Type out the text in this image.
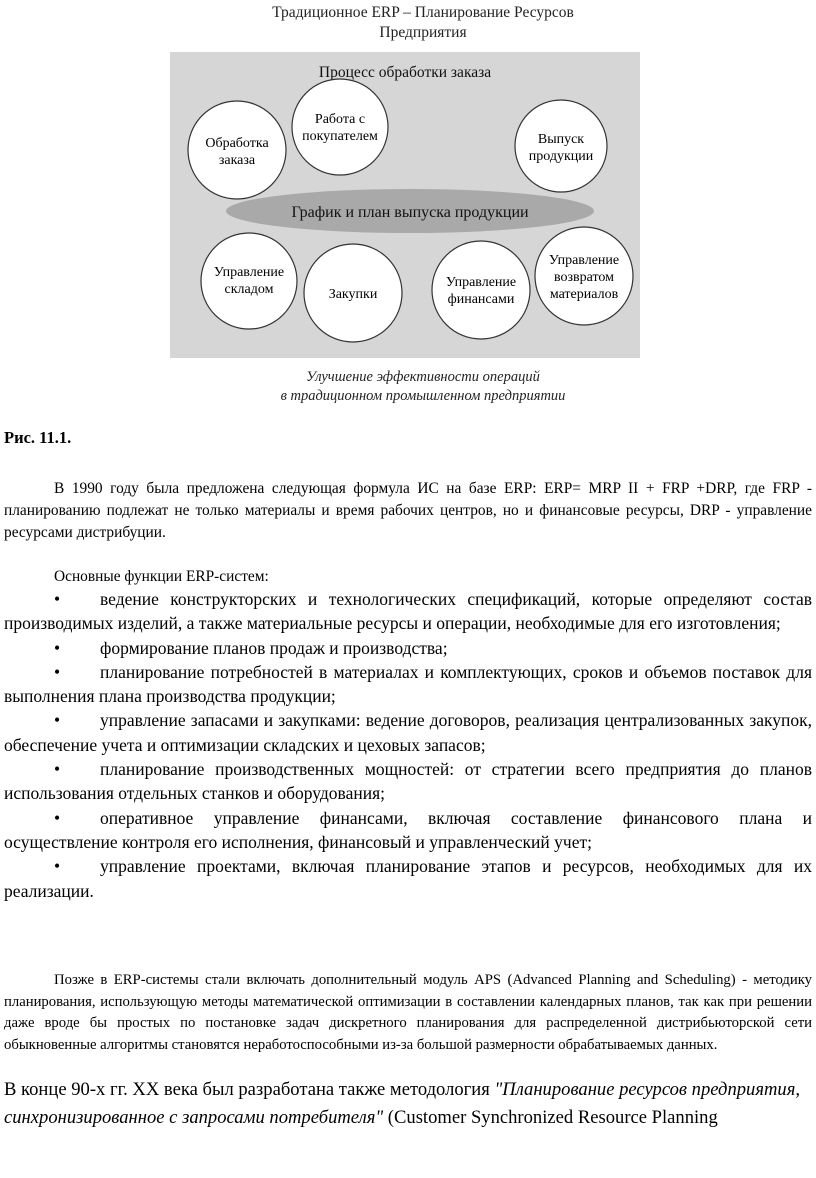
Традиционное ERP – Планирование Ресурсов
Предприятия
Процесс обработки заказа
График и план выпуска продукции
Обработка
заказа
Работа с
покупателем	Выпуск
продукции
Управление
складом	Закупки
Управление
финансами
Управление
возвратом
материалов
Улучшение эффективности операций
в традиционном промышленном предприятии
Рис. 11.1.

В 1990 году была предложена следующая формула ИС на базе ERP: ERP= MRP II + FRP +DRP, где FRP - планированию подлежат не только материалы и время рабочих центров, но и финансовые ресурсы, DRP - управление ресурсами дистрибуции.

Основные функции ERP-систем:
• ведение конструкторских и технологических спецификаций, которые определяют состав производимых изделий, а также материальные ресурсы и операции, необходимые для его изготовления;
• формирование планов продаж и производства;
• планирование потребностей в материалах и комплектующих, сроков и объемов поставок для выполнения плана производства продукции;
• управление запасами и закупками: ведение договоров, реализация централизованных закупок, обеспечение учета и оптимизации складских и цеховых запасов;
• планирование производственных мощностей: от стратегии всего предприятия до планов использования отдельных станков и оборудования;
• оперативное управление финансами, включая составление финансового плана и осуществление контроля его исполнения, финансовый и управленческий учет;
• управление проектами, включая планирование этапов и ресурсов, необходимых для их реализации.

Позже в ERP-системы стали включать дополнительный модуль APS (Advanced Planning and Scheduling) - методику планирования, использующую методы математической оптимизации в составлении календарных планов, так как при решении даже вроде бы простых по постановке задач дискретного планирования для распределенной дистрибьюторской сети обыкновенные алгоритмы становятся неработоспособными из-за большой размерности обрабатываемых данных.

В конце 90-х гг. XX века был разработана также методология "Планирование ресурсов предприятия, синхронизированное с запросами потребителя" (Customer Synchronized Resource Planning
